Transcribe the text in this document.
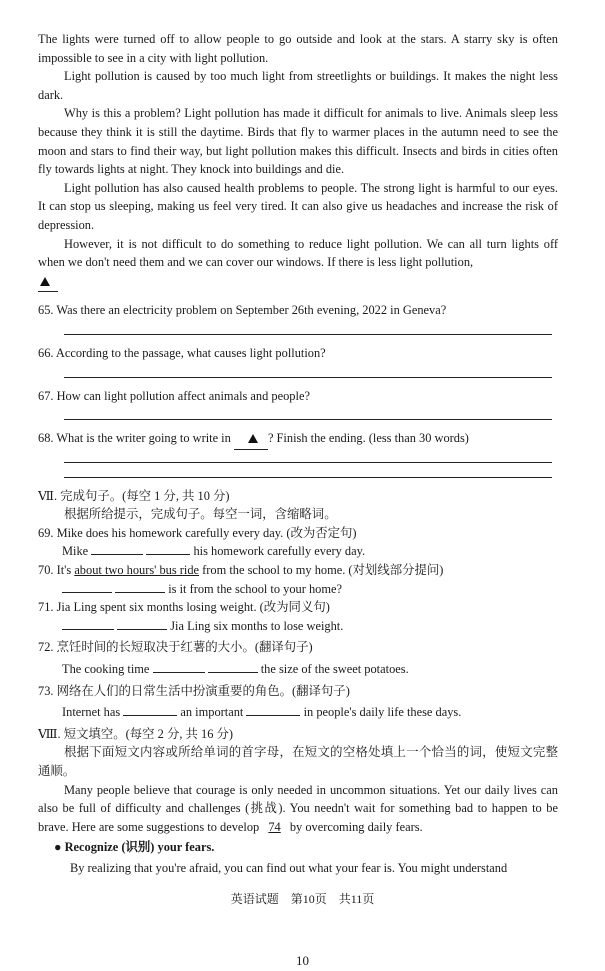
The lights were turned off to allow people to go outside and look at the stars. A starry sky is often impossible to see in a city with light pollution.

Light pollution is caused by too much light from streetlights or buildings. It makes the night less dark.

Why is this a problem? Light pollution has made it difficult for animals to live. Animals sleep less because they think it is still the daytime. Birds that fly to warmer places in the autumn need to see the moon and stars to find their way, but light pollution makes this difficult. Insects and birds in cities often fly towards lights at night. They knock into buildings and die.

Light pollution has also caused health problems to people. The strong light is harmful to our eyes. It can stop us sleeping, making us feel very tired. It can also give us headaches and increase the risk of depression.

However, it is not difficult to do something to reduce light pollution. We can all turn lights off when we don't need them and we can cover our windows. If there is less light pollution,

65. Was there an electricity problem on September 26th evening, 2022 in Geneva?

66. According to the passage, what causes light pollution?

67. How can light pollution affect animals and people?

68. What is the writer going to write in	? Finish the ending. (less than 30 words)

Ⅶ. 完成句子。(每空 1 分, 共 10 分)

根据所给提示，完成句子。每空一词，含缩略词。

69. Mike does his homework carefully every day. (改为否定句)

Mike	his homework carefully every day.

70. It's about two hours' bus ride from the school to my home. (对划线部分提问)

is it from the school to your home?

71. Jia Ling spent six months losing weight. (改为同义句)

Jia Ling six months to lose weight.

72. 烹饪时间的长短取决于红薯的大小。(翻译句子)

The cooking time	the size of the sweet potatoes.

73. 网络在人们的日常生活中扮演重要的角色。(翻译句子)

Internet has	an important	in people's daily life these days.

Ⅷ. 短文填空。(每空 2 分, 共 16 分)

根据下面短文内容或所给单词的首字母，在短文的空格处填上一个恰当的词，使短文完整通顺。

Many people believe that courage is only needed in uncommon situations. Yet our daily lives can also be full of difficulty and challenges (挑战). You needn't wait for something bad to happen to be brave. Here are some suggestions to develop 74 by overcoming daily fears.

● Recognize (识别) your fears.

By realizing that you're afraid, you can find out what your fear is. You might understand

英语试题　第10页　共11页
10
